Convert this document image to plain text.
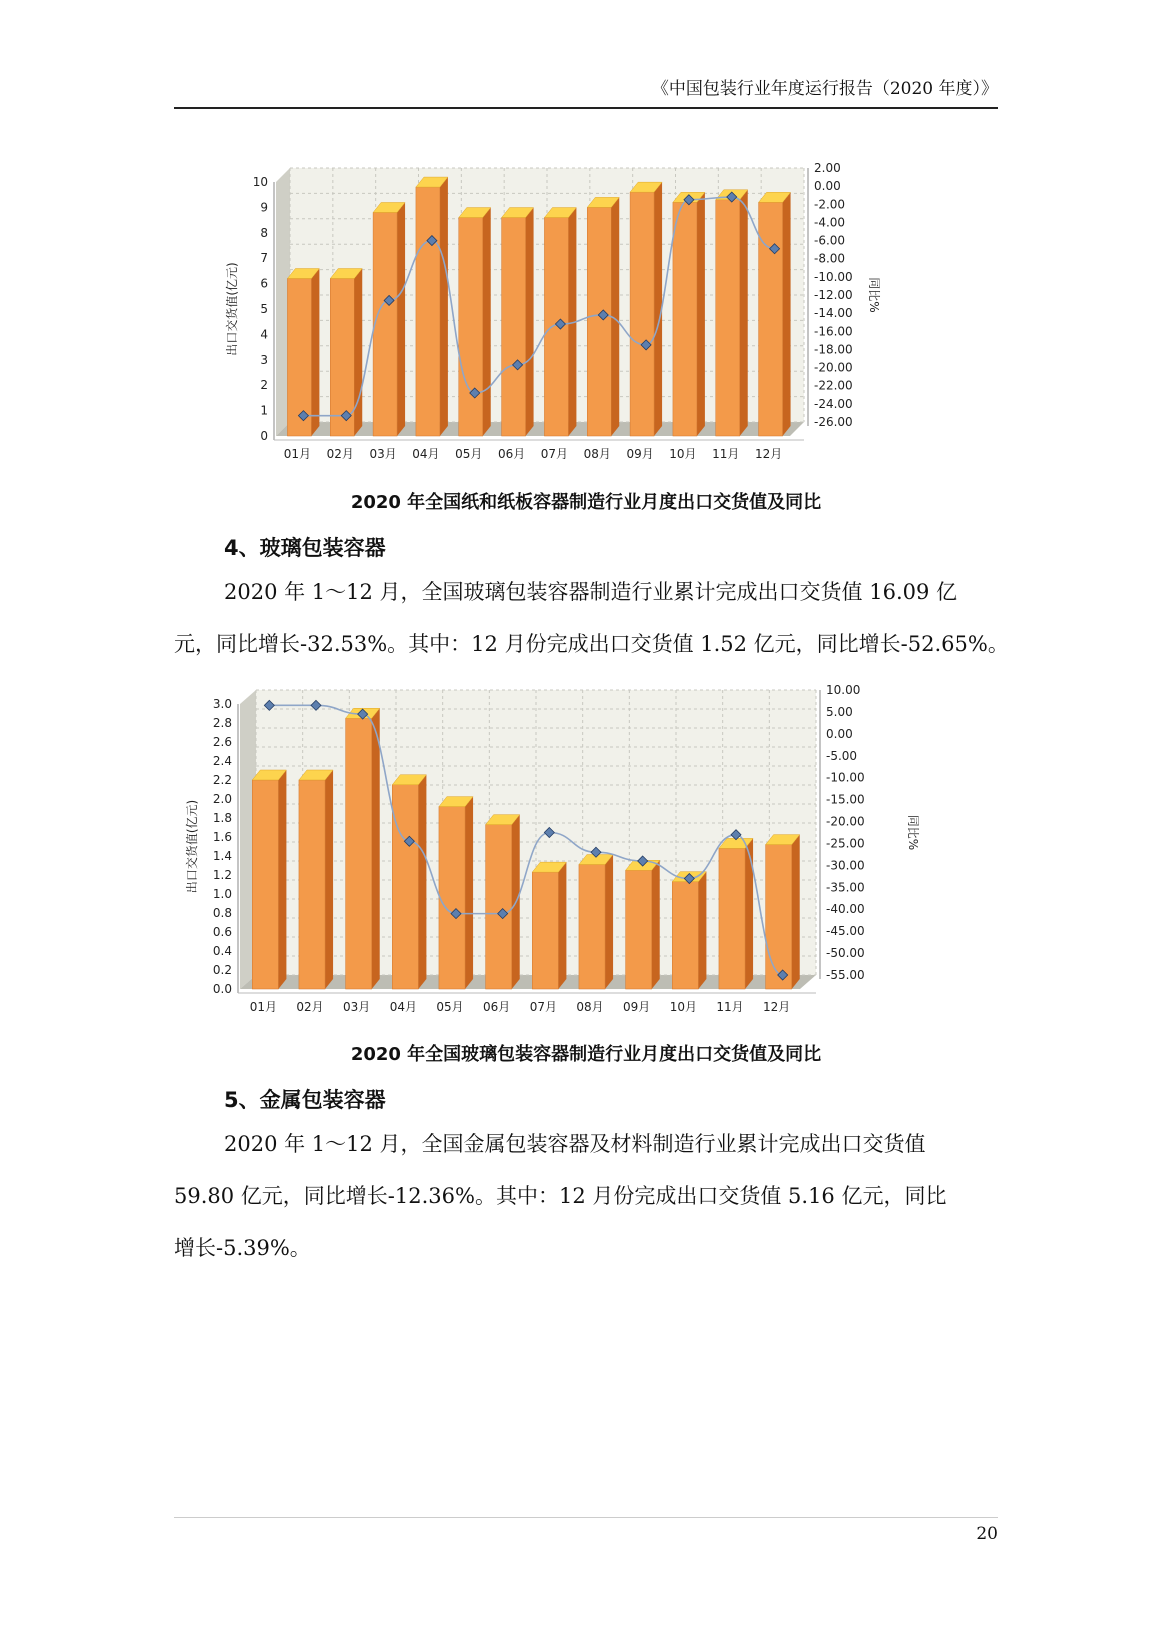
《中国包装行业年度运行报告（2020 年度）》
0
1
2
3
4
5
6
7
8
9
10
2.00
0.00
-2.00
-4.00
-6.00
-8.00
-10.00
-12.00
-14.00
-16.00
-18.00
-20.00
-22.00
-24.00
-26.00
01月 02月 03月 04月 05月 06月 07月 08月 09月 10月 11月 12月
出口交货值(亿元)	同比%
2020 年全国纸和纸板容器制造行业月度出口交货值及同比
4、玻璃包装容器

2020 年 1～12 月，全国玻璃包装容器制造行业累计完成出口交货值 16.09 亿
元，同比增长-32.53%。其中：12 月份完成出口交货值 1.52 亿元，同比增长-52.65%。

0.0
0.2
0.4
0.6
0.8
1.0
1.2
1.4
1.6
1.8
2.0
2.2
2.4
2.6
2.8
3.0
10.00
5.00
0.00
-5.00
-10.00
-15.00
-20.00
-25.00
-30.00
-35.00
-40.00
-45.00
-50.00
-55.00
01月 02月 03月 04月 05月 06月 07月 08月 09月 10月 11月 12月
出口交货值(亿元)	同比%
2020 年全国玻璃包装容器制造行业月度出口交货值及同比
5、金属包装容器

2020 年 1～12 月，全国金属包装容器及材料制造行业累计完成出口交货值
59.80 亿元，同比增长-12.36%。其中：12 月份完成出口交货值 5.16 亿元，同比
增长-5.39%。

20
